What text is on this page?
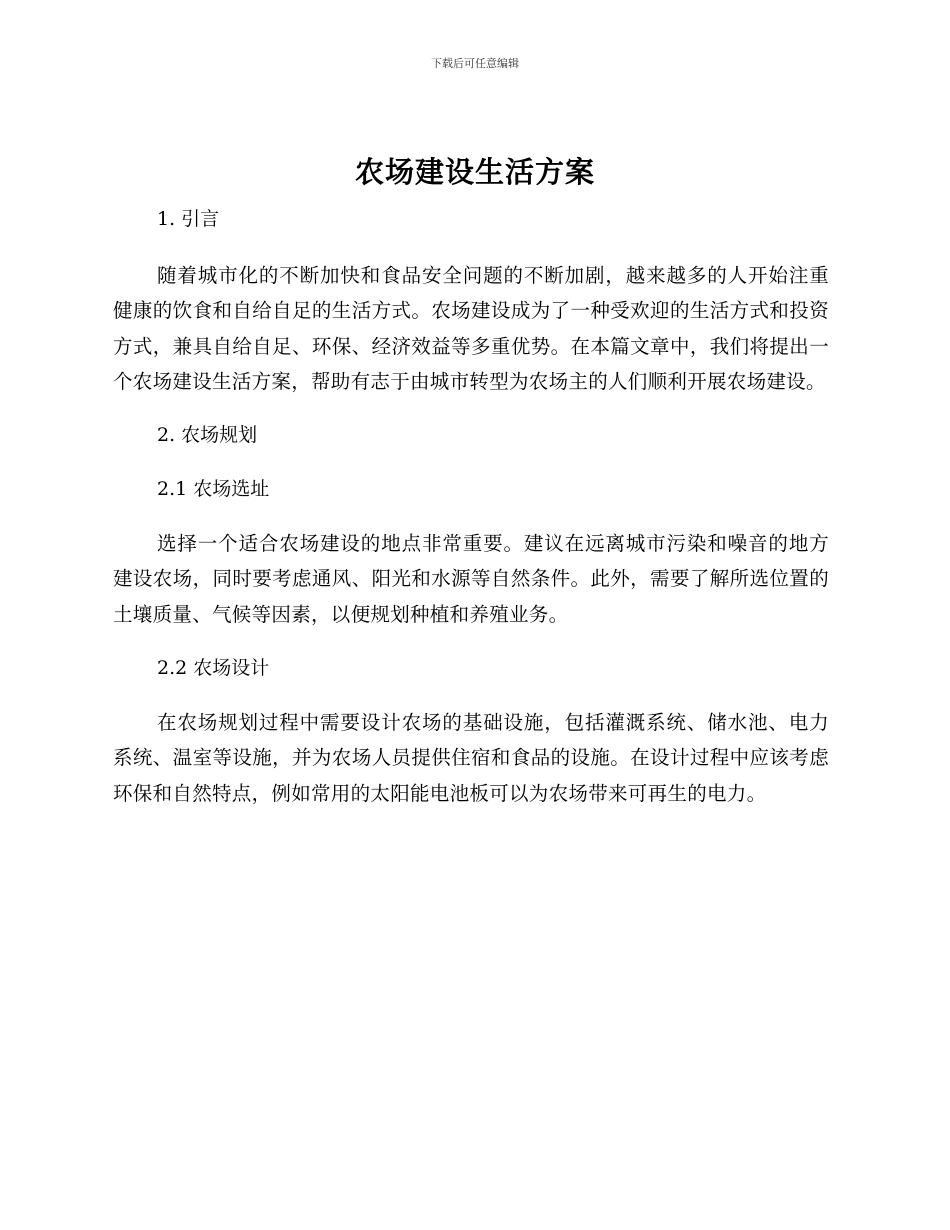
下载后可任意编辑
农场建设生活方案
1. 引言

随着城市化的不断加快和食品安全问题的不断加剧，越来越多的人开始注重健康的饮食和自给自足的生活方式。农场建设成为了一种受欢迎的生活方式和投资方式，兼具自给自足、环保、经济效益等多重优势。在本篇文章中，我们将提出一个农场建设生活方案，帮助有志于由城市转型为农场主的人们顺利开展农场建设。

2. 农场规划
2.1 农场选址

选择一个适合农场建设的地点非常重要。建议在远离城市污染和噪音的地方建设农场，同时要考虑通风、阳光和水源等自然条件。此外，需要了解所选位置的土壤质量、气候等因素，以便规划种植和养殖业务。

2.2 农场设计

在农场规划过程中需要设计农场的基础设施，包括灌溉系统、储水池、电力系统、温室等设施，并为农场人员提供住宿和食品的设施。在设计过程中应该考虑环保和自然特点，例如常用的太阳能电池板可以为农场带来可再生的电力。
